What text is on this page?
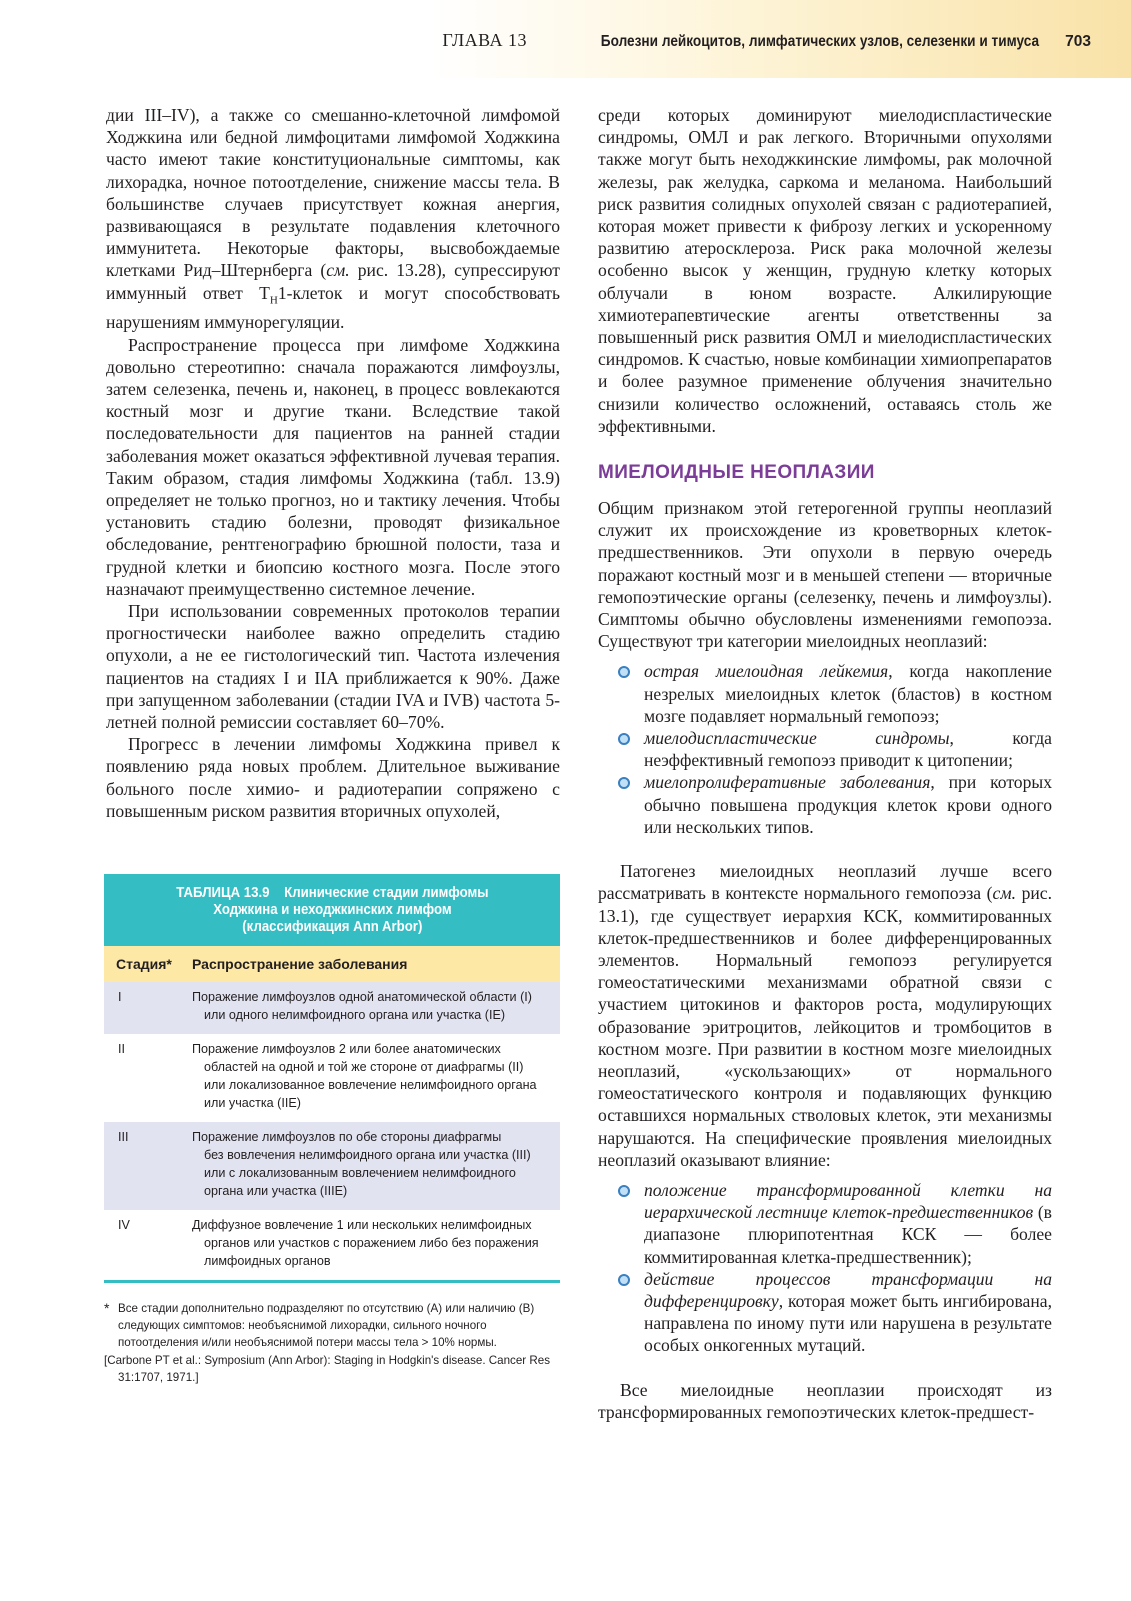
ГЛАВА 13	Болезни лейкоцитов, лимфатических узлов, селезенки и тимуса 703

дии III–IV), а также со смешанно-клеточной лимфомой Ходжкина или бедной лимфоцитами лимфомой Ходжкина часто имеют такие конституциональные симптомы, как лихорадка, ночное потоотделение, снижение массы тела. В большинстве случаев присутствует кожная анергия, развивающаяся в результате подавления клеточного иммунитета. Некоторые факторы, высвобождаемые клетками Рид–Штернберга (см. рис. 13.28), супрессируют иммунный ответ $T_H1$-клеток и могут способствовать нарушениям иммунорегуляции.

Распространение процесса при лимфоме Ходжкина довольно стереотипно: сначала поражаются лимфоузлы, затем селезенка, печень и, наконец, в процесс вовлекаются костный мозг и другие ткани. Вследствие такой последовательности для пациентов на ранней стадии заболевания может оказаться эффективной лучевая терапия. Таким образом, стадия лимфомы Ходжкина (табл. 13.9) определяет не только прогноз, но и тактику лечения. Чтобы установить стадию болезни, проводят физикальное обследование, рентгенографию брюшной полости, таза и грудной клетки и биопсию костного мозга. После этого назначают преимущественно системное лечение.

При использовании современных протоколов терапии прогностически наиболее важно определить стадию опухоли, а не ее гистологический тип. Частота излечения пациентов на стадиях I и IIA приближается к 90%. Даже при запущенном заболевании (стадии IVA и IVB) частота 5-летней полной ремиссии составляет 60–70%.

Прогресс в лечении лимфомы Ходжкина привел к появлению ряда новых проблем. Длительное выживание больного после химио- и радиотерапии сопряжено с повышенным риском развития вторичных опухолей,

ТАБЛИЦА 13.9    Клинические стадии лимфомы
Ходжкина и неходжкинских лимфом
(классификация Ann Arbor)
Стадия*	Распространение заболевания
I	Поражение лимфоузлов одной анатомической области (I)
или одного нелимфоидного органа или участка (IE)
II	Поражение лимфоузлов 2 или более анатомических
областей на одной и той же стороне от диафрагмы (II) или локализованное вовлечение нелимфоидного органа или участка (IIE)
III	Поражение лимфоузлов по обе стороны диафрагмы
без вовлечения нелимфоидного органа или участка (III) или с локализованным вовлечением нелимфоидного органа или участка (IIIE)
IV	Диффузное вовлечение 1 или нескольких нелимфоидных
органов или участков с поражением либо без поражения лимфоидных органов
* Все стадии дополнительно подразделяют по отсутствию (А) или наличию (В) следующих симптомов: необъяснимой лихорадки, сильного ночного потоотделения и/или необъяснимой потери массы тела > 10% нормы.
[Carbone PT et al.: Symposium (Ann Arbor): Staging in Hodgkin's disease. Cancer Res
31:1707, 1971.]

среди которых доминируют миелодиспластические синдромы, ОМЛ и рак легкого. Вторичными опухолями также могут быть неходжкинские лимфомы, рак молочной железы, рак желудка, саркома и меланома. Наибольший риск развития солидных опухолей связан с радиотерапией, которая может привести к фиброзу легких и ускоренному развитию атеросклероза. Риск рака молочной железы особенно высок у женщин, грудную клетку которых облучали в юном возрасте. Алкилирующие химиотерапевтические агенты ответственны за повышенный риск развития ОМЛ и миелодиспластических синдромов. К счастью, новые комбинации химиопрепаратов и более разумное применение облучения значительно снизили количество осложнений, оставаясь столь же эффективными.

МИЕЛОИДНЫЕ НЕОПЛАЗИИ

Общим признаком этой гетерогенной группы неоплазий служит их происхождение из кроветворных клеток-предшественников. Эти опухоли в первую очередь поражают костный мозг и в меньшей степени — вторичные гемопоэтические органы (селезенку, печень и лимфоузлы). Симптомы обычно обусловлены изменениями гемопоэза. Существуют три категории миелоидных неоплазий:

острая миелоидная лейкемия, когда накопление незрелых миелоидных клеток (бластов) в костном мозге подавляет нормальный гемопоэз;
миелодиспластические синдромы, когда неэффективный гемопоэз приводит к цитопении;
миелопролиферативные заболевания, при которых обычно повышена продукция клеток крови одного или нескольких типов.

Патогенез миелоидных неоплазий лучше всего рассматривать в контексте нормального гемопоэза (см. рис. 13.1), где существует иерархия КСК, коммитированных клеток-предшественников и более дифференцированных элементов. Нормальный гемопоэз регулируется гомеостатическими механизмами обратной связи с участием цитокинов и факторов роста, модулирующих образование эритроцитов, лейкоцитов и тромбоцитов в костном мозге. При развитии в костном мозге миелоидных неоплазий, «ускользающих» от нормального гомеостатического контроля и подавляющих функцию оставшихся нормальных стволовых клеток, эти механизмы нарушаются. На специфические проявления миелоидных неоплазий оказывают влияние:

положение трансформированной клетки на иерархической лестнице клеток-предшественников (в диапазоне плюрипотентная КСК — более коммитированная клетка-предшественник);
действие процессов трансформации на дифференцировку, которая может быть ингибирована, направлена по иному пути или нарушена в результате особых онкогенных мутаций.

Все миелоидные неоплазии происходят из трансформированных гемопоэтических клеток-предшест-
